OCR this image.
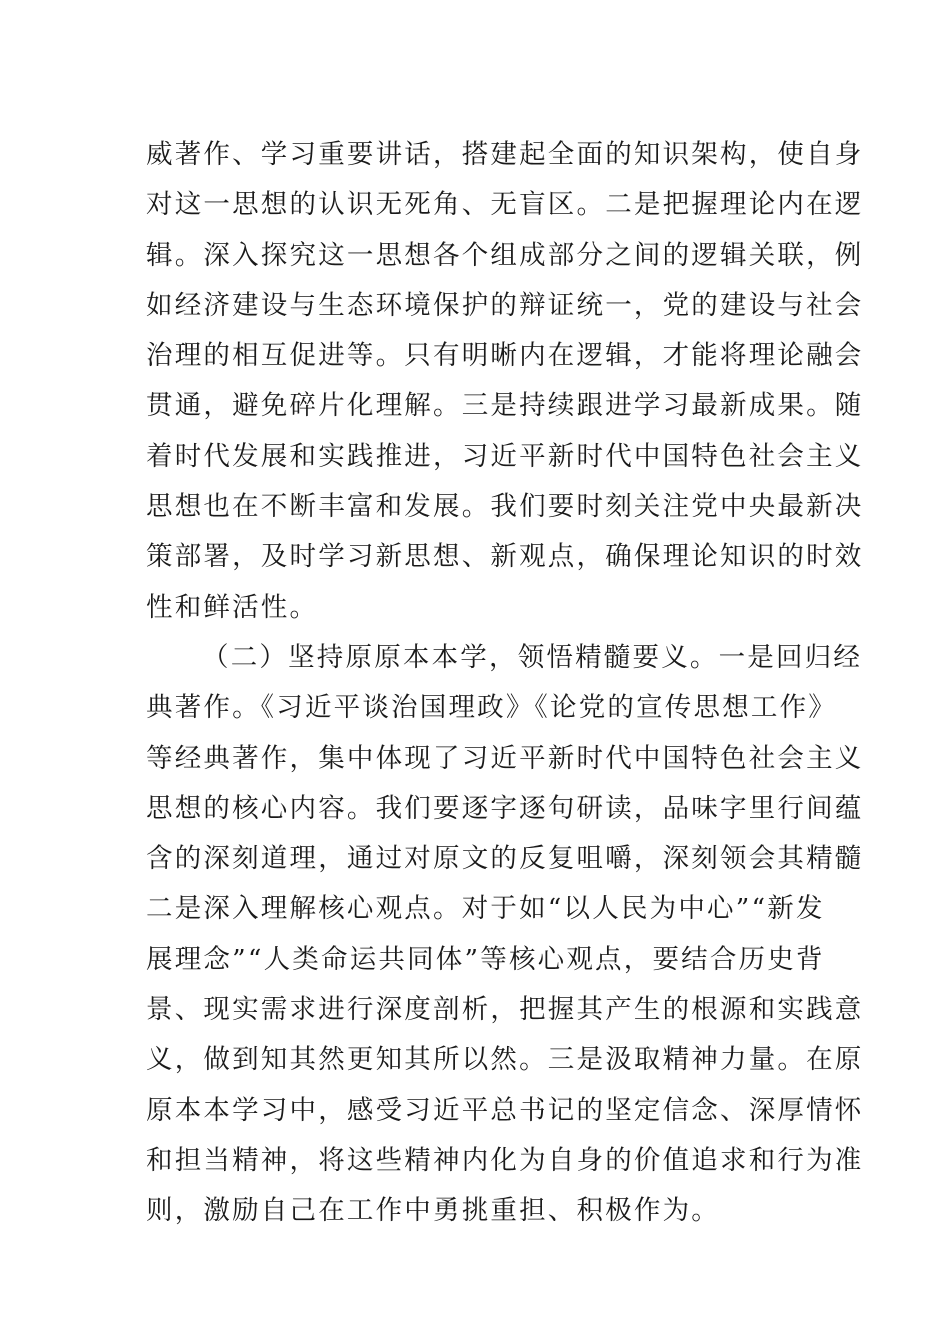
威著作、学习重要讲话，搭建起全面的知识架构，使自身
对这一思想的认识无死角、无盲区。二是把握理论内在逻
辑。深入探究这一思想各个组成部分之间的逻辑关联，例
如经济建设与生态环境保护的辩证统一，党的建设与社会
治理的相互促进等。只有明晰内在逻辑，才能将理论融会
贯通，避免碎片化理解。三是持续跟进学习最新成果。随
着时代发展和实践推进，习近平新时代中国特色社会主义
思想也在不断丰富和发展。我们要时刻关注党中央最新决
策部署，及时学习新思想、新观点，确保理论知识的时效
性和鲜活性。
（二）坚持原原本本学，领悟精髓要义。一是回归经
典著作。《习近平谈治国理政》《论党的宣传思想工作》
等经典著作，集中体现了习近平新时代中国特色社会主义
思想的核心内容。我们要逐字逐句研读，品味字里行间蕴
含的深刻道理，通过对原文的反复咀嚼，深刻领会其精髓
二是深入理解核心观点。对于如“以人民为中心”“新发
展理念”“人类命运共同体”等核心观点，要结合历史背
景、现实需求进行深度剖析，把握其产生的根源和实践意
义，做到知其然更知其所以然。三是汲取精神力量。在原
原本本学习中，感受习近平总书记的坚定信念、深厚情怀
和担当精神，将这些精神内化为自身的价值追求和行为准
则，激励自己在工作中勇挑重担、积极作为。
